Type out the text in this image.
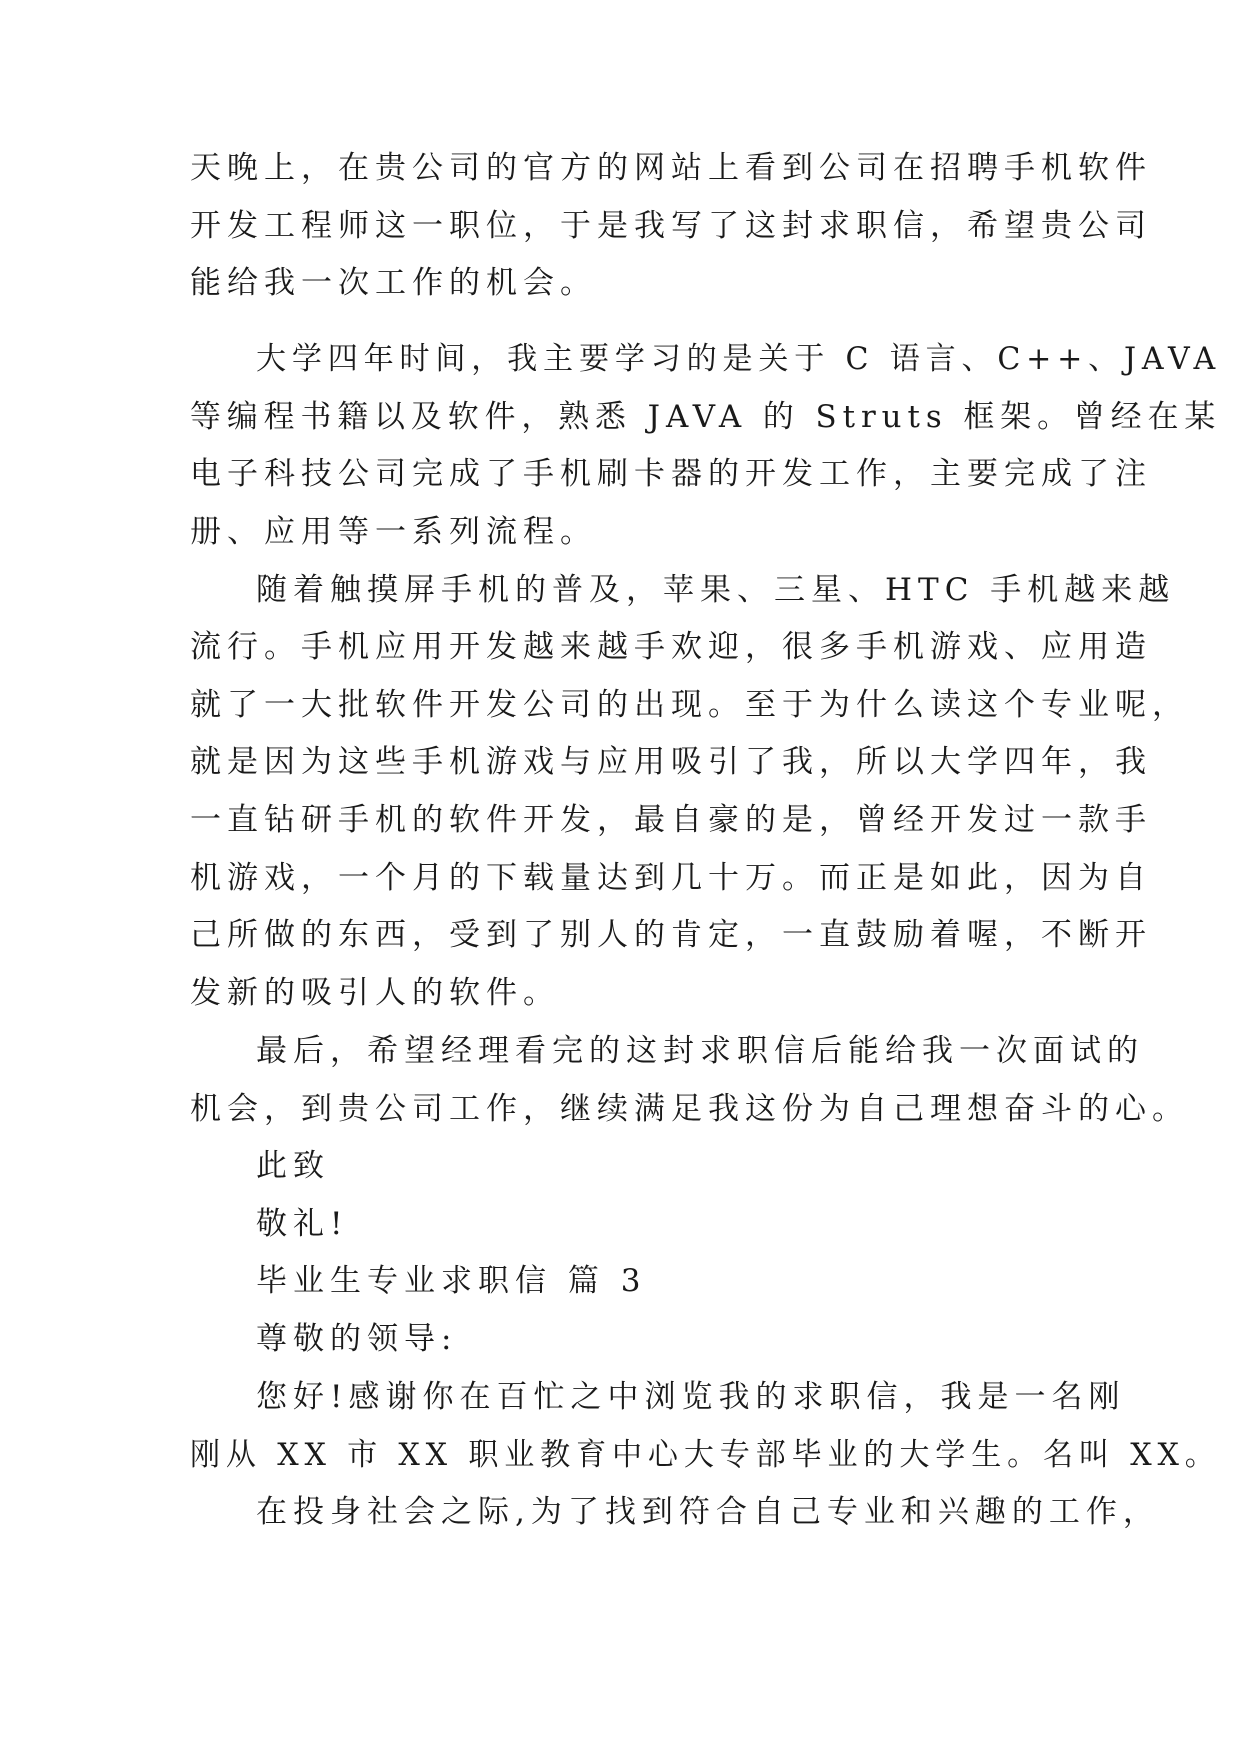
天晚上，在贵公司的官方的网站上看到公司在招聘手机软件
开发工程师这一职位，于是我写了这封求职信，希望贵公司
能给我一次工作的机会。
大学四年时间，我主要学习的是关于 C 语言、C++、JAVA
等编程书籍以及软件，熟悉 JAVA 的 Struts 框架。曾经在某
电子科技公司完成了手机刷卡器的开发工作，主要完成了注
册、应用等一系列流程。
随着触摸屏手机的普及，苹果、三星、HTC 手机越来越
流行。手机应用开发越来越手欢迎，很多手机游戏、应用造
就了一大批软件开发公司的出现。至于为什么读这个专业呢，
就是因为这些手机游戏与应用吸引了我，所以大学四年，我
一直钻研手机的软件开发，最自豪的是，曾经开发过一款手
机游戏，一个月的下载量达到几十万。而正是如此，因为自
己所做的东西，受到了别人的肯定，一直鼓励着喔，不断开
发新的吸引人的软件。
最后，希望经理看完的这封求职信后能给我一次面试的
机会，到贵公司工作，继续满足我这份为自己理想奋斗的心。
此致
敬礼!
毕业生专业求职信 篇 3
尊敬的领导:
您好!感谢你在百忙之中浏览我的求职信，我是一名刚
刚从 XX 市 XX 职业教育中心大专部毕业的大学生。名叫 XX。
在投身社会之际,为了找到符合自己专业和兴趣的工作，
